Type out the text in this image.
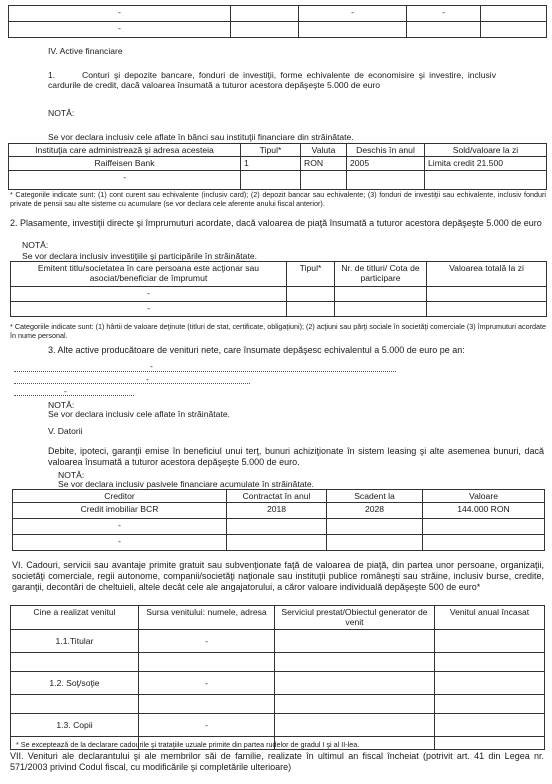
-		-	-	
-				
IV. Active financiare
1.	Conturi şi depozite bancare, fonduri de investiţii, forme echivalente de economisire şi investire, inclusiv cardurile de credit, dacă valoarea însumată a tuturor acestora depăşeşte 5.000 de euro
NOTĂ:
Se vor declara inclusiv cele aflate în bănci sau instituţii financiare din străinătate.
Instituţia care administrează şi adresa acesteia	Tipul*	Valuta	Deschis în anul	Sold/valoare la zi
Raiffeisen Bank	1	RON	2005	Limita credit 21.500
-				
* Categoriile indicate sunt: (1) cont curent sau echivalente (inclusiv card); (2) depozit bancar sau echivalente; (3) fonduri de investiţii sau echivalente, inclusiv fonduri private de pensii sau alte sisteme cu acumulare (se vor declara cele aferente anului fiscal anterior).
2. Plasamente, investiţii directe şi împrumuturi acordate, dacă valoarea de piaţă însumată a tuturor acestora depăşeşte 5.000 de euro
NOTĂ:
Se vor declara inclusiv investiţiile şi participările în străinătate.
Emitent titlu/societatea în care persoana este acţionar sau asociat/beneficiar de împrumut	Tipul*	Nr. de titluri/ Cota de participare	Valoarea totală la zi
-			
-			
* Categoriile indicate sunt: (1) hârtii de valoare deţinute (titluri de stat, certificate, obligaţiuni); (2) acţiuni sau părţi sociale în societăţi comerciale (3) împrumuturi acordate în nume personal.
3. Alte active producătoare de venituri nete, care însumate depăşesc echivalentul a 5.000 de euro pe an:
-
-
-
NOTĂ:
Se vor declara inclusiv cele aflate în străinătate.
V. Datorii
Debite, ipoteci, garanţii emise în beneficiul unui terţ, bunuri achiziţionate în sistem leasing şi alte asemenea bunuri, dacă valoarea însumată a tuturor acestora depăşeşte 5.000 de euro.
NOTĂ:
Se vor declara inclusiv pasivele financiare acumulate în străinătate.
Creditor	Contractat în anul	Scadent la	Valoare
Credit imobiliar BCR	2018	2028	144.000 RON
-			
-			
VI. Cadouri, servicii sau avantaje primite gratuit sau subvenţionate faţă de valoarea de piaţă, din partea unor persoane, organizaţii, societăţi comerciale, regii autonome, companii/societăţi naţionale sau instituţii publice româneşti sau străine, inclusiv burse, credite, garanţii, decontări de cheltuieli, altele decât cele ale angajatorului, a căror valoare individuală depăşeşte 500 de euro*
Cine a realizat venitul	Sursa venitului: numele, adresa	Serviciul prestat/Obiectul generator de venit	Venitul anual încasat
1.1.Titular	-		

1.2. Soţ/soţie	-		

1.3. Copii	-		

* Se exceptează de la declarare cadourile şi trataţiile uzuale primite din partea rudelor de gradul I şi al II-lea.
VII. Venituri ale declarantului şi ale membrilor săi de familie, realizate în ultimul an fiscal încheiat (potrivit art. 41 din Legea nr. 571/2003 privind Codul fiscal, cu modificările şi completările ulterioare)
